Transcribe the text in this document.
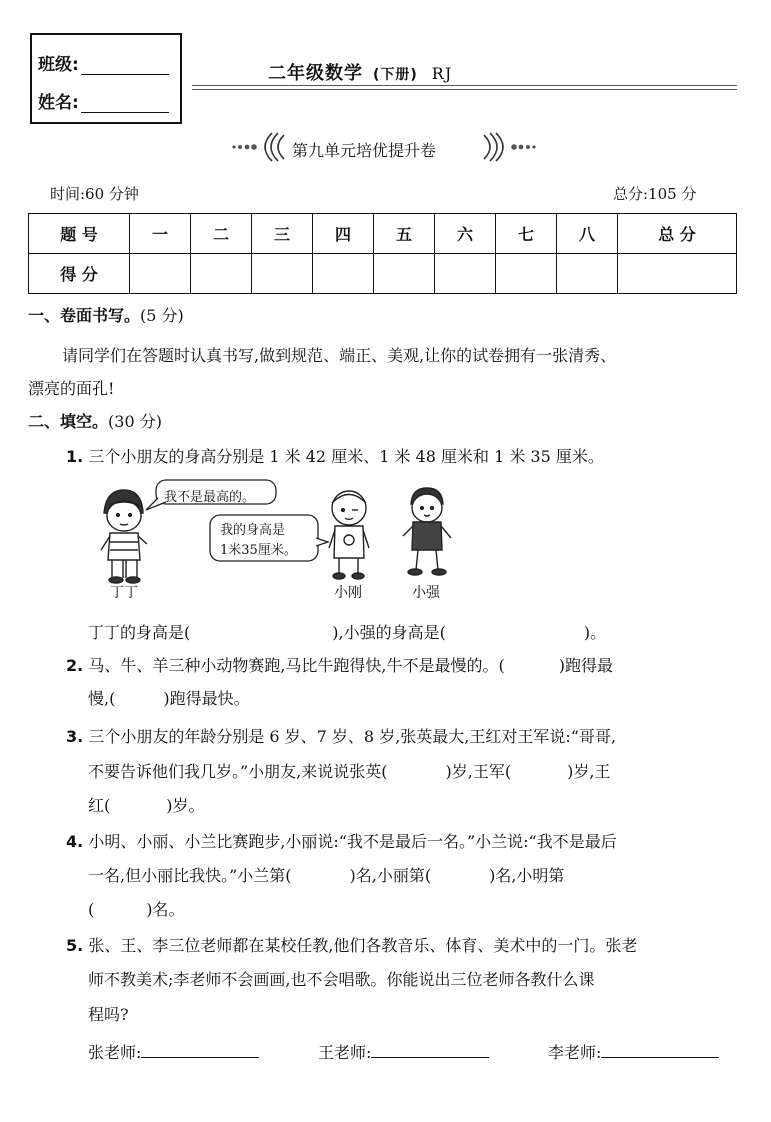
班级:
姓名:
二年级数学 (下册) RJ
第九单元培优提升卷
时间:60 分钟	总分:105 分
题 号	一	二	三	四	五	六	七	八	总 分
得 分									
一、卷面书写。(5 分)
请同学们在答题时认真书写,做到规范、端正、美观,让你的试卷拥有一张清秀、
漂亮的面孔!
二、填空。(30 分)
1. 三个小朋友的身高分别是 1 米 42 厘米、1 米 48 厘米和 1 米 35 厘米。
我不是最高的。
我的身高是
1米35厘米。
丁丁	小刚	小强
丁丁的身高是(	),小强的身高是(	)。
2. 马、牛、羊三种小动物赛跑,马比牛跑得快,牛不是最慢的。(	)跑得最
慢,(	)跑得最快。
3. 三个小朋友的年龄分别是 6 岁、7 岁、8 岁,张英最大,王红对王军说:“哥哥,
不要告诉他们我几岁。”小朋友,来说说张英(	)岁,王军(	)岁,王
红(	)岁。
4. 小明、小丽、小兰比赛跑步,小丽说:“我不是最后一名。”小兰说:“我不是最后
一名,但小丽比我快。”小兰第(	)名,小丽第(	)名,小明第
(	)名。
5. 张、王、李三位老师都在某校任教,他们各教音乐、体育、美术中的一门。张老
师不教美术;李老师不会画画,也不会唱歌。你能说出三位老师各教什么课
程吗?
张老师:	王老师:	李老师:
